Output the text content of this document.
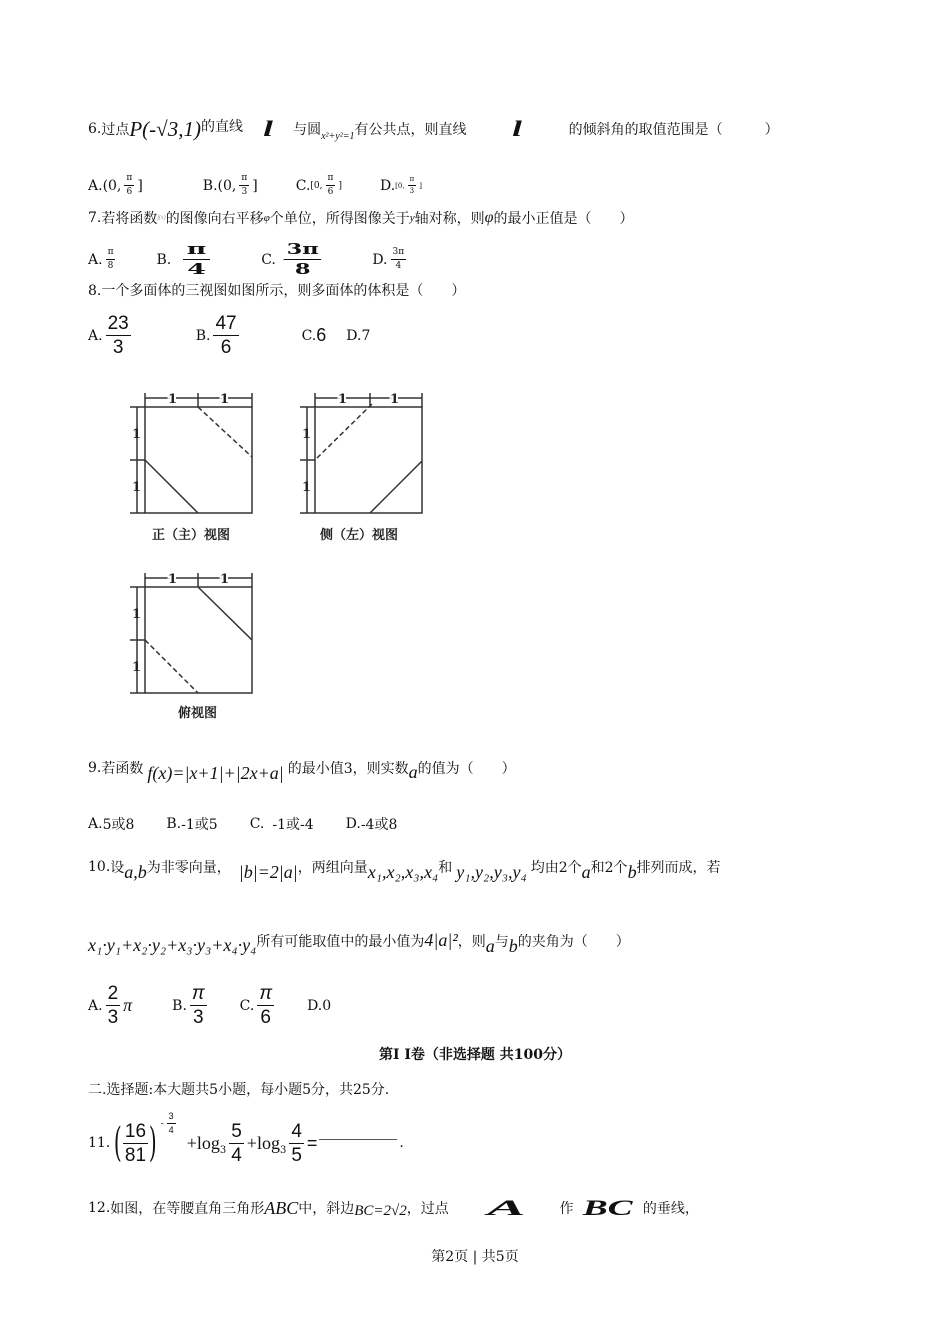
6. 过点 P(-√3,1) 的直线 l 与圆 x²+y²=1 有公共点，则直线 l	的倾斜角的取值范围是（　　　）
A. (0, $\frac{\pi}{6}$ ]	B. (0, $\frac{\pi}{3}$ ]	C. [0, $\frac{\pi}{6}$ ]	D. [0, $\frac{\pi}{3}$ ]
7. 若将函数 f(x) 的图像向右平移 φ 个单位，所得图像关于 y 轴对称，则 φ 的最小正值是（　　）
A. $\frac{\pi}{8}$	B. $\frac{\pi}{4}$	C. $\frac{3\pi}{8}$	D. $\frac{3\pi}{4}$
8.一个多面体的三视图如图所示，则多面体的体积是（　　）
A. $\frac{23}{3}$	B. $\frac{47}{6}$	C. 6 D. 7
1	1
1
1
1	1
1
1
1	1
1
1
正（主）视图	侧（左）视图
俯视图
9. 若函数 f(x)=|x+1|+|2x+a| 的最小值3，则实数 a 的值为（　　）
A. 5或8 B. -1或5 C. -1或-4 D. -4或8
10. 设 a,b 为非零向量， |b|=2|a| ，两组向量 x₁,x₂,x₃,x₄ 和 y₁,y₂,y₃,y₄ 均由2个 a 和2个 b 排列而成，若
x₁·y₁+x₂·y₂+x₃·y₃+x₄·y₄ 所有可能取值中的最小值为 4|a|² ，则 a 与 b 的夹角为（　　）
A. $\frac{2}{3}$ π	B. $\frac{\pi}{3} C$. $\frac{\pi}{6} D$. 0
第I I卷（非选择题 共100分）
二.选择题:本大题共5小题，每小题5分，共25分.
11. ( $\frac{16}{81}$ ) - $\frac{3}{4}$
$+\log_3 \frac{5}{4} +\log_3 \frac{4}{5}$ =	.
12. 如图，在等腰直角三角形 ABC 中，斜边 BC=2√2 ，过点 A 作 BC 的垂线，
第2页 | 共5页
